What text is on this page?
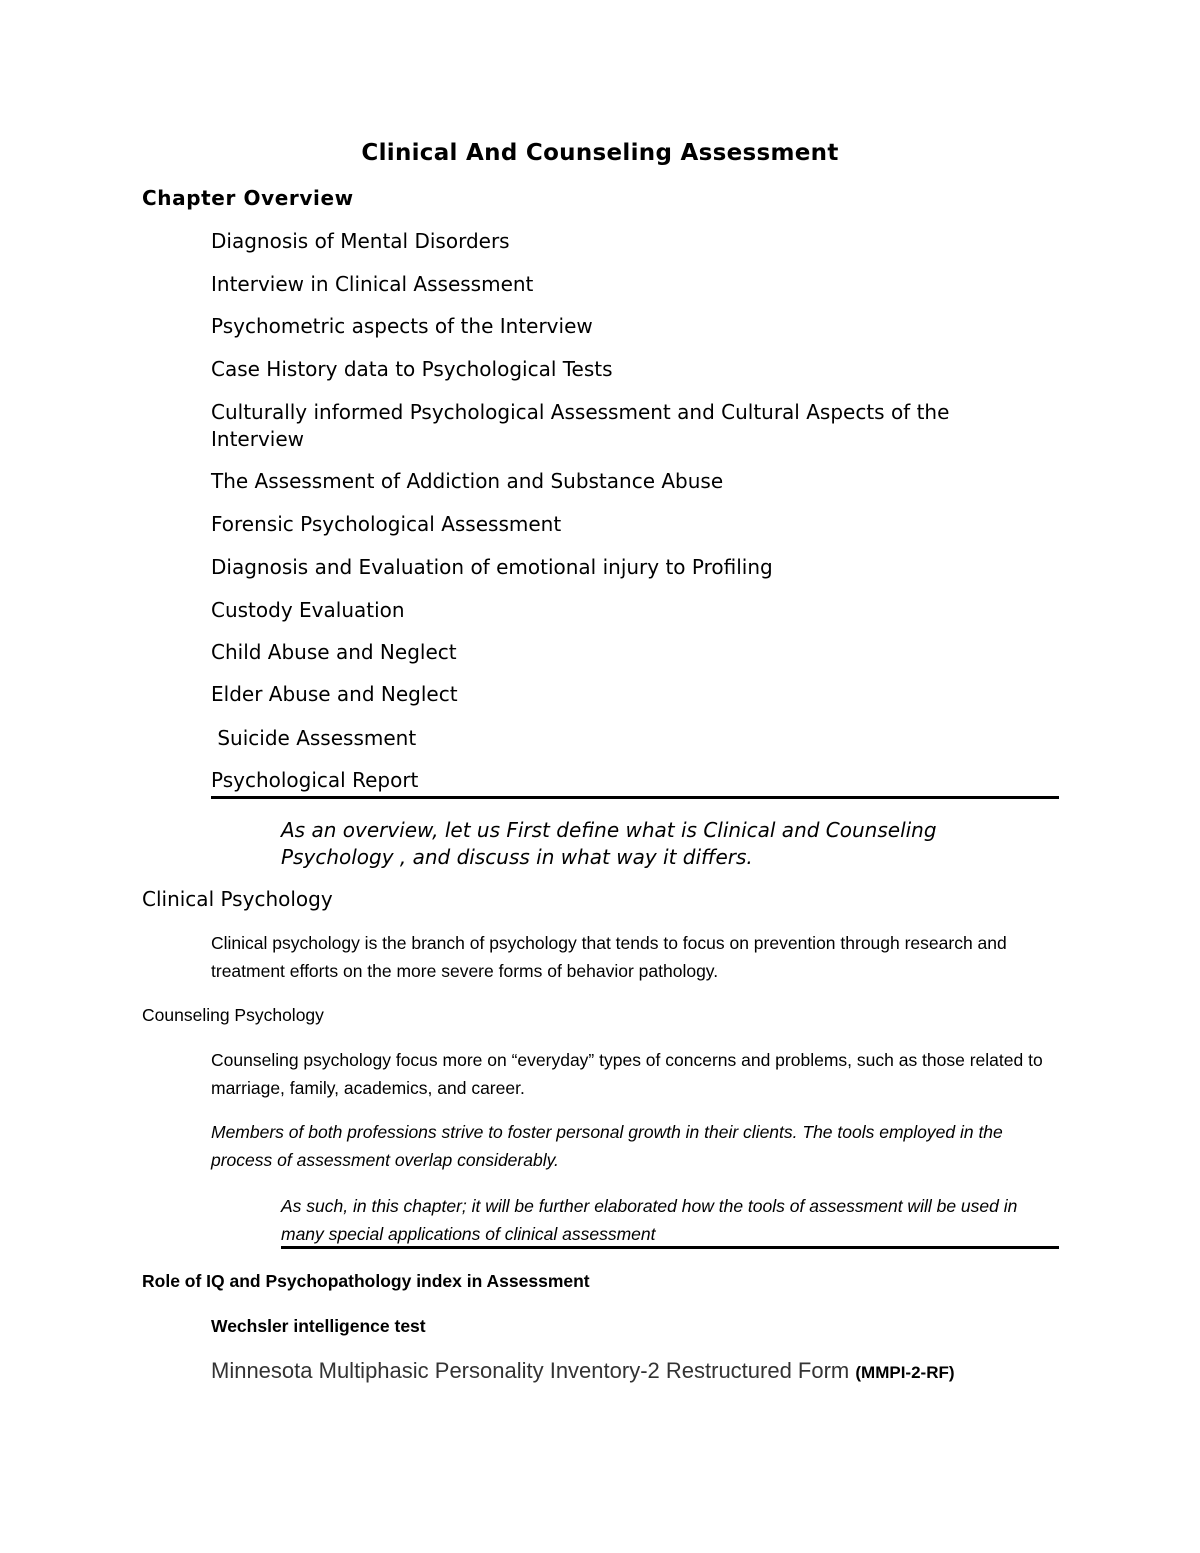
Clinical And Counseling Assessment
Chapter Overview
Diagnosis of Mental Disorders
Interview in Clinical Assessment
Psychometric aspects of the Interview
Case History data to Psychological Tests
Culturally informed Psychological Assessment and Cultural Aspects of the
Interview
The Assessment of Addiction and Substance Abuse
Forensic Psychological Assessment
Diagnosis and Evaluation of emotional injury to Profiling
Custody Evaluation
Child Abuse and Neglect
Elder Abuse and Neglect
Suicide Assessment
Psychological Report
As an overview, let us First define what is Clinical and Counseling Psychology , and discuss in what way it differs.
Clinical Psychology
Clinical psychology is the branch of psychology that tends to focus on prevention through research and treatment efforts on the more severe forms of behavior pathology.
Counseling Psychology
Counseling psychology focus more on “everyday” types of concerns and problems, such as those related to marriage, family, academics, and career.
Members of both professions strive to foster personal growth in their clients. The tools employed in the process of assessment overlap considerably.
As such, in this chapter; it will be further elaborated how the tools of assessment will be used in many special applications of clinical assessment
Role of IQ and Psychopathology index in Assessment
Wechsler intelligence test
Minnesota Multiphasic Personality Inventory-2 Restructured Form (MMPI-2-RF)
